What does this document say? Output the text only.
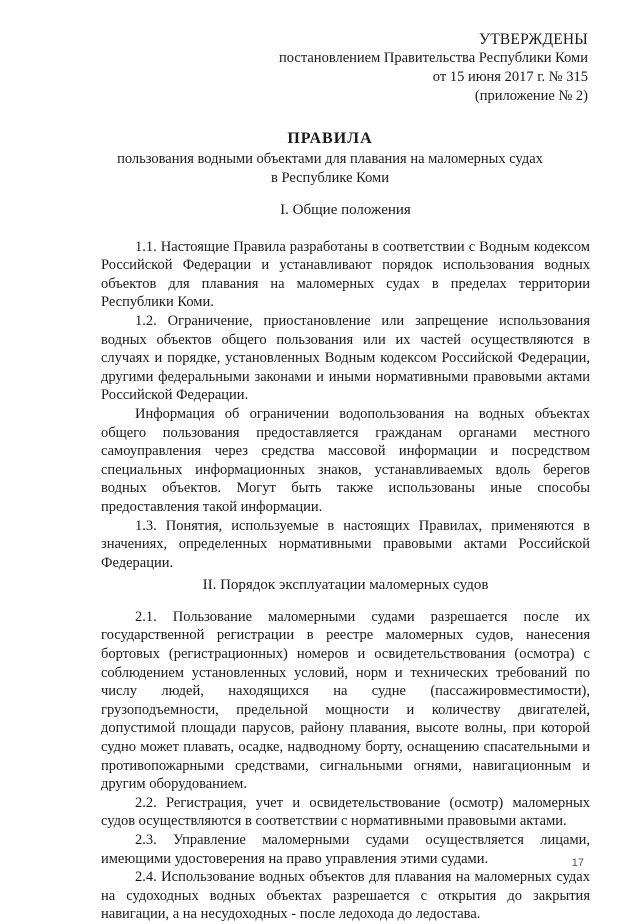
УТВЕРЖДЕНЫ
постановлением Правительства Республики Коми
от 15 июня 2017 г. № 315
(приложение № 2)
ПРАВИЛА
пользования водными объектами для плавания на маломерных судах
в Республике Коми
I. Общие положения

1.1. Настоящие Правила разработаны в соответствии с Водным кодексом Российской Федерации и устанавливают порядок использования водных объектов для плавания на маломерных судах в пределах территории Республики Коми.

1.2. Ограничение, приостановление или запрещение использования водных объектов общего пользования или их частей осуществляются в случаях и порядке, установленных Водным кодексом Российской Федерации, другими федеральными законами и иными нормативными правовыми актами Российской Федерации.

Информация об ограничении водопользования на водных объектах общего пользования предоставляется гражданам органами местного самоуправления через средства массовой информации и посредством специальных информационных знаков, устанавливаемых вдоль берегов водных объектов. Могут быть также использованы иные способы предоставления такой информации.

1.3. Понятия, используемые в настоящих Правилах, применяются в значениях, определенных нормативными правовыми актами Российской Федерации.

II. Порядок эксплуатации маломерных судов

2.1. Пользование маломерными судами разрешается после их государственной регистрации в реестре маломерных судов, нанесения бортовых (регистрационных) номеров и освидетельствования (осмотра) с соблюдением установленных условий, норм и технических требований по числу людей, находящихся на судне (пассажировместимости), грузоподъемности, предельной мощности и количеству двигателей, допустимой площади парусов, району плавания, высоте волны, при которой судно может плавать, осадке, надводному борту, оснащению спасательными и противопожарными средствами, сигнальными огнями, навигационным и другим оборудованием.

2.2. Регистрация, учет и освидетельствование (осмотр) маломерных судов осуществляются в соответствии с нормативными правовыми актами.

2.3. Управление маломерными судами осуществляется лицами, имеющими удостоверения на право управления этими судами.

2.4. Использование водных объектов для плавания на маломерных судах на судоходных водных объектах разрешается с открытия до закрытия навигации, а на несудоходных - после ледохода до ледостава.

17
